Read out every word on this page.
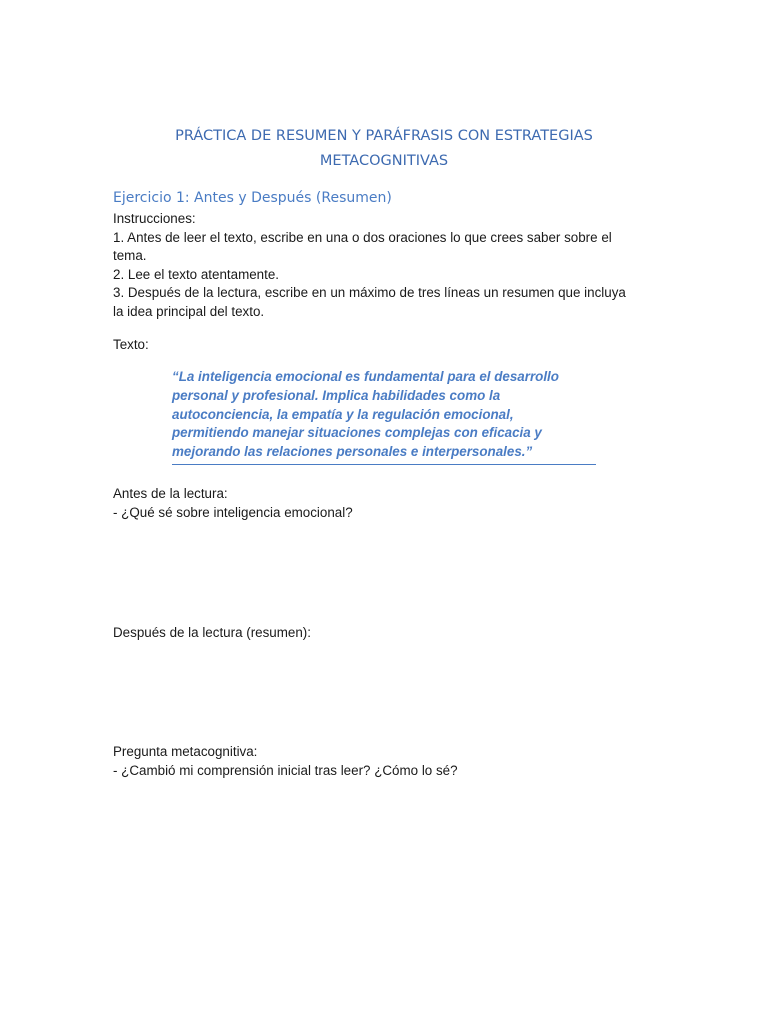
PRÁCTICA DE RESUMEN Y PARÁFRASIS CON ESTRATEGIAS
METACOGNITIVAS
Ejercicio 1: Antes y Después (Resumen)
Instrucciones:
1. Antes de leer el texto, escribe en una o dos oraciones lo que crees saber sobre el
tema.
2. Lee el texto atentamente.
3. Después de la lectura, escribe en un máximo de tres líneas un resumen que incluya
la idea principal del texto.
Texto:
“La inteligencia emocional es fundamental para el desarrollo
personal y profesional. Implica habilidades como la
autoconciencia, la empatía y la regulación emocional,
permitiendo manejar situaciones complejas con eficacia y
mejorando las relaciones personales e interpersonales.”
Antes de la lectura:
- ¿Qué sé sobre inteligencia emocional?
Después de la lectura (resumen):
Pregunta metacognitiva:
- ¿Cambió mi comprensión inicial tras leer? ¿Cómo lo sé?
